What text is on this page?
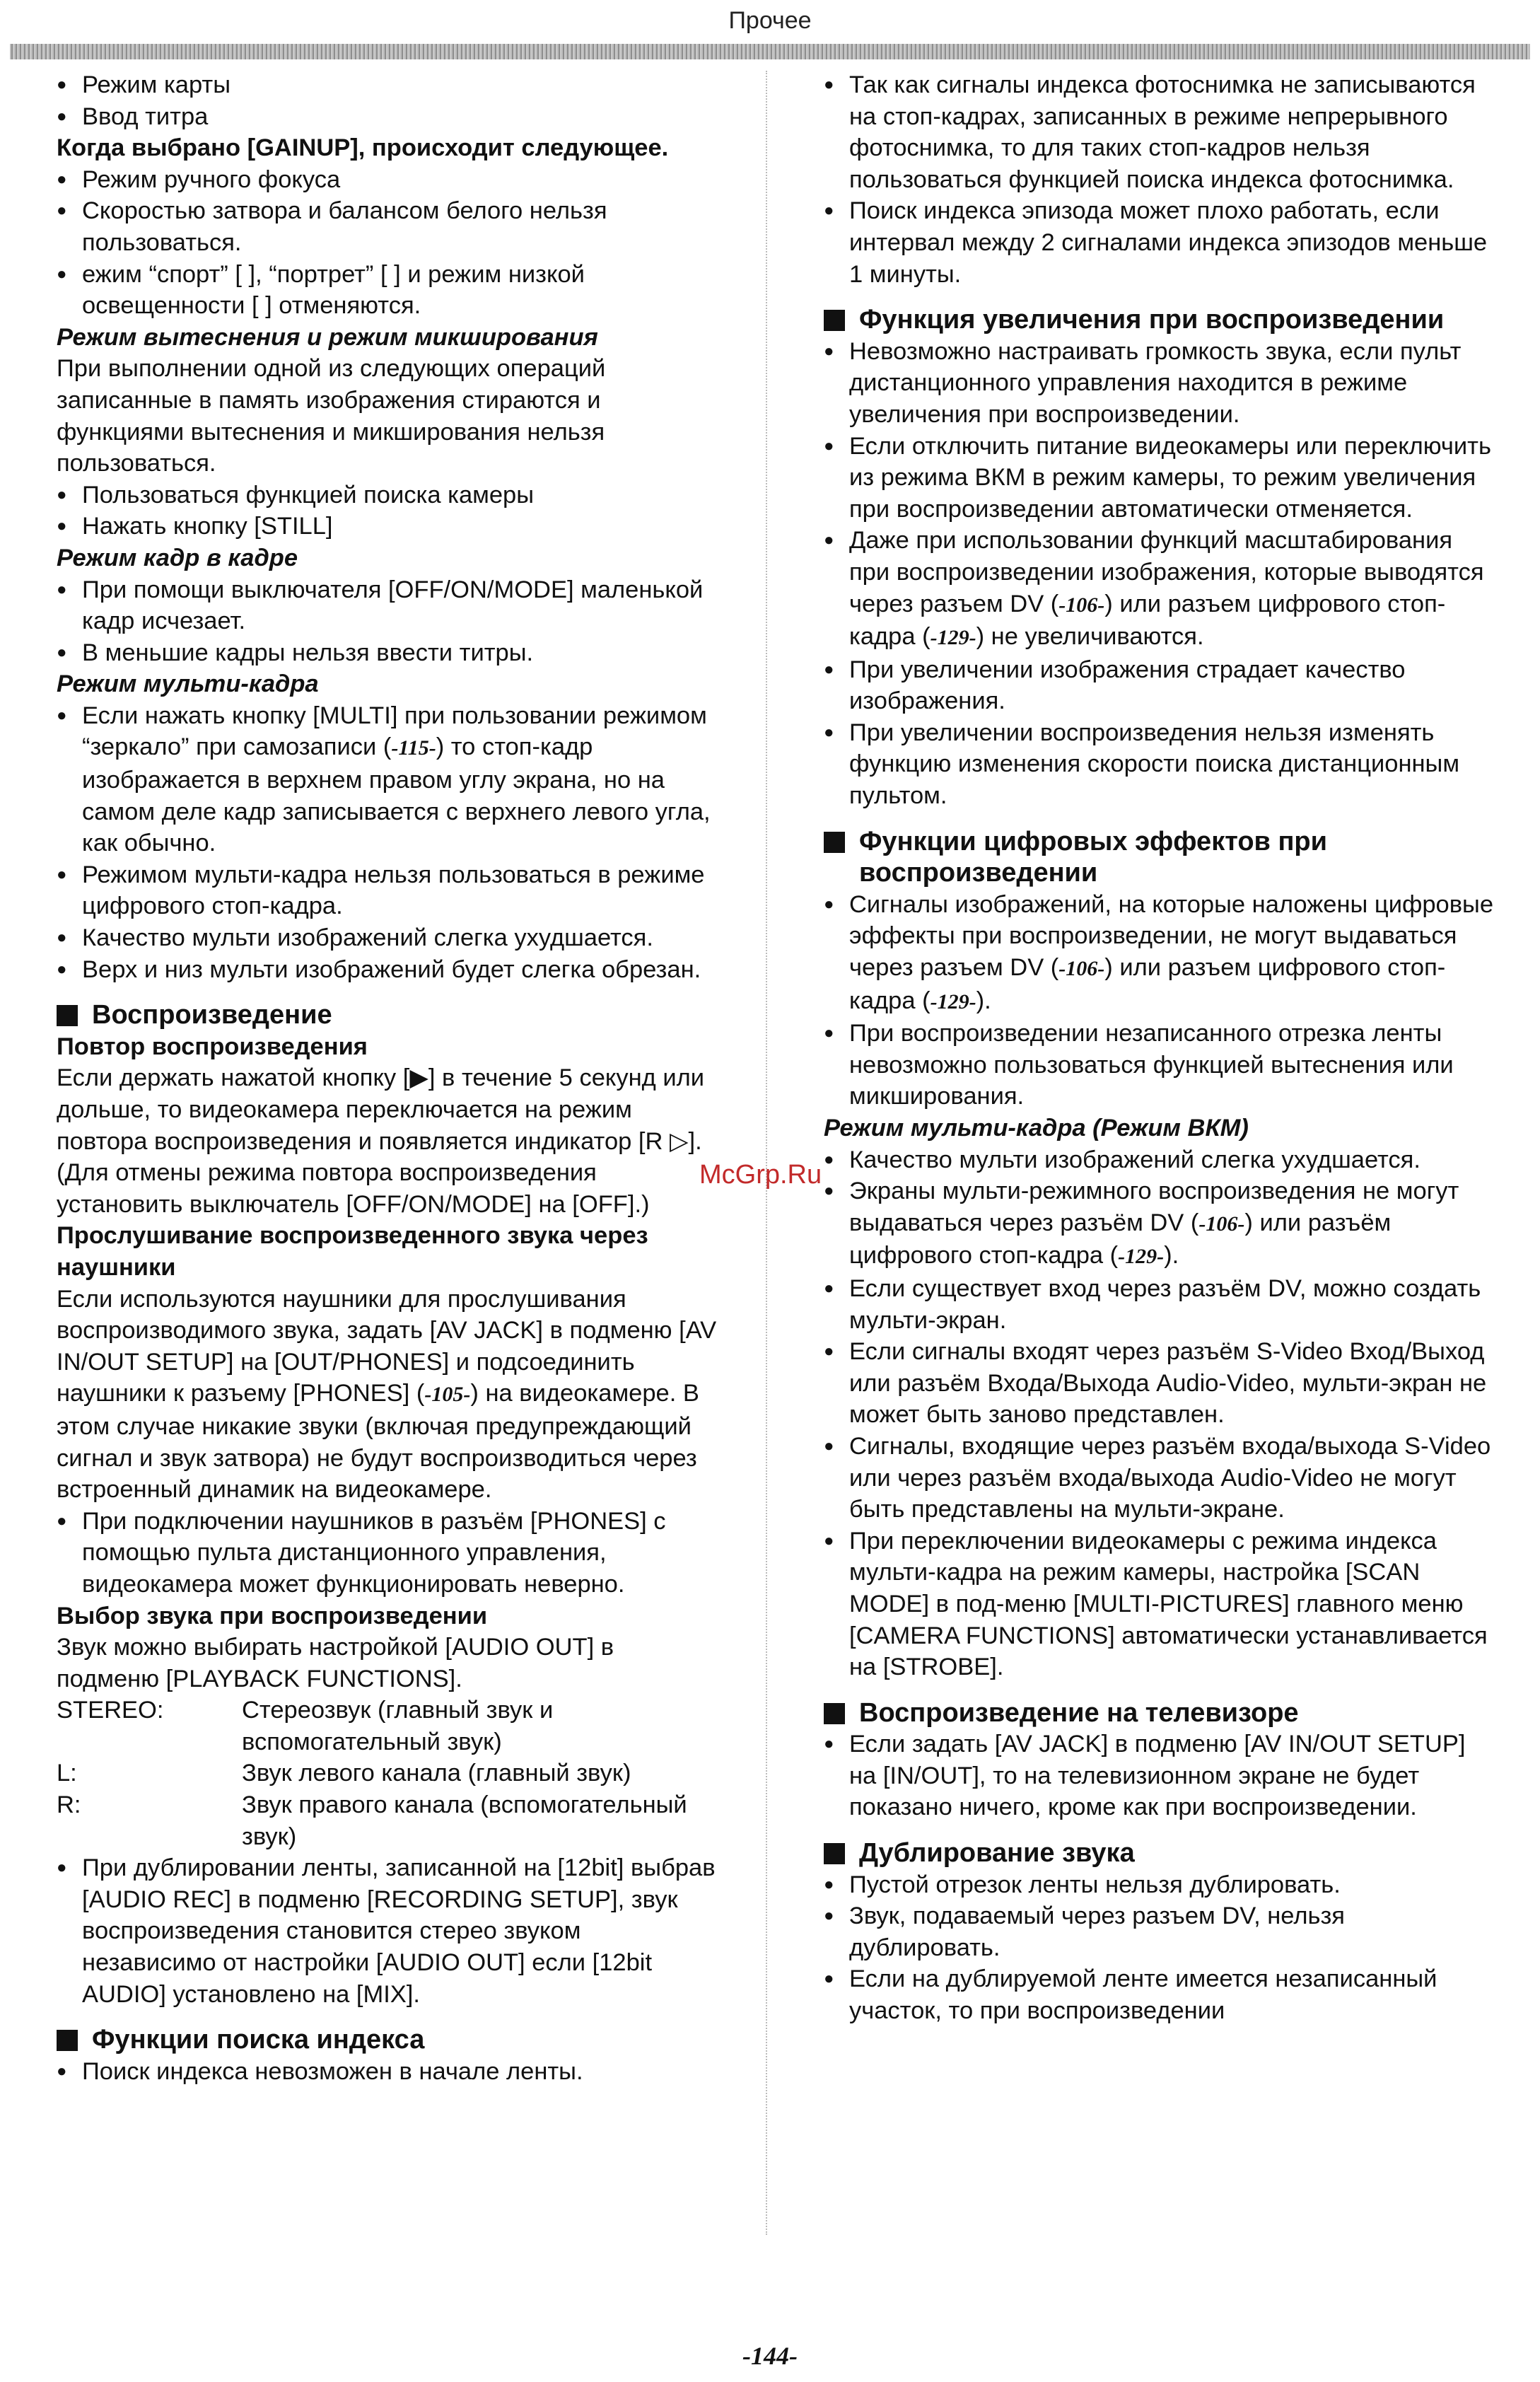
Прочее

● Режим карты

● Ввод титра

Когда выбрано [GAINUP], происходит следующее.

● Режим ручного фокуса

● Скоростью затвора и балансом белого нельзя пользоваться.

● ежим “спорт” [ ], “портрет” [ ] и режим низкой освещенности [ ] отменяются.

Режим вытеснения и режим микширования

При выполнении одной из следующих операций записанные в память изображения стираются и функциями вытеснения и микширования нельзя пользоваться.

● Пользоваться функцией поиска камеры

● Нажать кнопку [STILL]

Режим кадр в кадре

● При помощи выключателя [OFF/ON/MODE] маленькой кадр исчезает.

● В меньшие кадры нельзя ввести титры.

Режим мульти-кадра

● Если нажать кнопку [MULTI] при пользовании режимом “зеркало” при самозаписи (-115-) то стоп-кадр изображается в верхнем правом углу экрана, но на самом деле кадр записывается с верхнего левого угла, как обычно.

● Режимом мульти-кадра нельзя пользоваться в режиме цифрового стоп-кадра.

● Качество мульти изображений слегка ухудшается.

● Верх и низ мульти изображений будет слегка обрезан.

Воспроизведение

Повтор воспроизведения

Если держать нажатой кнопку [▶] в течение 5 секунд или дольше, то видеокамера переключается на режим повтора воспроизведения и появляется индикатор [R ▷]. (Для отмены режима повтора воспроизведения установить выключатель [OFF/ON/MODE] на [OFF].)

Прослушивание воспроизведенного звука через наушники

Если используются наушники для прослушивания воспроизводимого звука, задать [AV JACK] в подменю [AV IN/OUT SETUP] на [OUT/PHONES] и подсоединить наушники к разъему [PHONES] (-105-) на видеокамере. В этом случае никакие звуки (включая предупреждающий сигнал и звук затвора) не будут воспроизводиться через встроенный динамик на видеокамере.

● При подключении наушников в разъём [PHONES] с помощью пульта дистанционного управления, видеокамера может функционировать неверно.

Выбор звука при воспроизведении

Звук можно выбирать настройкой [AUDIO OUT] в подменю [PLAYBACK FUNCTIONS].

STEREO:	Стереозвук (главный звук и вспомогательный звук)
L:	Звук левого канала (главный звук)
R:	Звук правого канала (вспомогательный звук)

● При дублировании ленты, записанной на [12bit] выбрав [AUDIO REC] в подменю [RECORDING SETUP], звук воспроизведения становится стерео звуком независимо от настройки [AUDIO OUT] если [12bit AUDIO] установлено на [MIX].

Функции поиска индекса

● Поиск индекса невозможен в начале ленты.

● Так как сигналы индекса фотоснимка не записываются на стоп-кадрах, записанных в режиме непрерывного фотоснимка, то для таких стоп-кадров нельзя пользоваться функцией поиска индекса фотоснимка.

● Поиск индекса эпизода может плохо работать, если интервал между 2 сигналами индекса эпизодов меньше 1 минуты.

Функция увеличения при воспроизведении

● Невозможно настраивать громкость звука, если пульт дистанционного управления находится в режиме увеличения при воспроизведении.

● Если отключить питание видеокамеры или переключить из режима ВКМ в режим камеры, то режим увеличения при воспроизведении автоматически отменяется.

● Даже при использовании функций масштабирования при воспроизведении изображения, которые выводятся через разъем DV (-106-) или разъем цифрового стоп-кадра (-129-) не увеличиваются.

● При увеличении изображения страдает качество изображения.

● При увеличении воспроизведения нельзя изменять функцию изменения скорости поиска дистанционным пультом.

Функции цифровых эффектов при воспроизведении

● Сигналы изображений, на которые наложены цифровые эффекты при воспроизведении, не могут выдаваться через разъем DV (-106-) или разъем цифрового стоп-кадра (-129-).

● При воспроизведении незаписанного отрезка ленты невозможно пользоваться функцией вытеснения или микширования.

Режим мульти-кадра (Режим ВКМ)

● Качество мульти изображений слегка ухудшается.

● Экраны мульти-режимного воспроизведения не могут выдаваться через разъём DV (-106-) или разъём цифрового стоп-кадра (-129-).

● Если существует вход через разъём DV, можно создать мульти-экран.

● Если сигналы входят через разъём S-Video Вход/Выход или разъём Входа/Выхода Audio-Video, мульти-экран не может быть заново представлен.

● Сигналы, входящие через разъём входа/выхода S-Video или через разъём входа/выхода Audio-Video не могут быть представлены на мульти-экране.

● При переключении видеокамеры с режима индекса мульти-кадра на режим камеры, настройка [SCAN MODE] в под-меню [MULTI-PICTURES] главного меню [CAMERA FUNCTIONS] автоматически устанавливается на [STROBE].

Воспроизведение на телевизоре

● Если задать [AV JACK] в подменю [AV IN/OUT SETUP] на [IN/OUT], то на телевизионном экране не будет показано ничего, кроме как при воспроизведении.

Дублирование звука

● Пустой отрезок ленты нельзя дублировать.

● Звук, подаваемый через разъем DV, нельзя дублировать.

● Если на дублируемой ленте имеется незаписанный участок, то при воспроизведении

McGrp.Ru
-144-
